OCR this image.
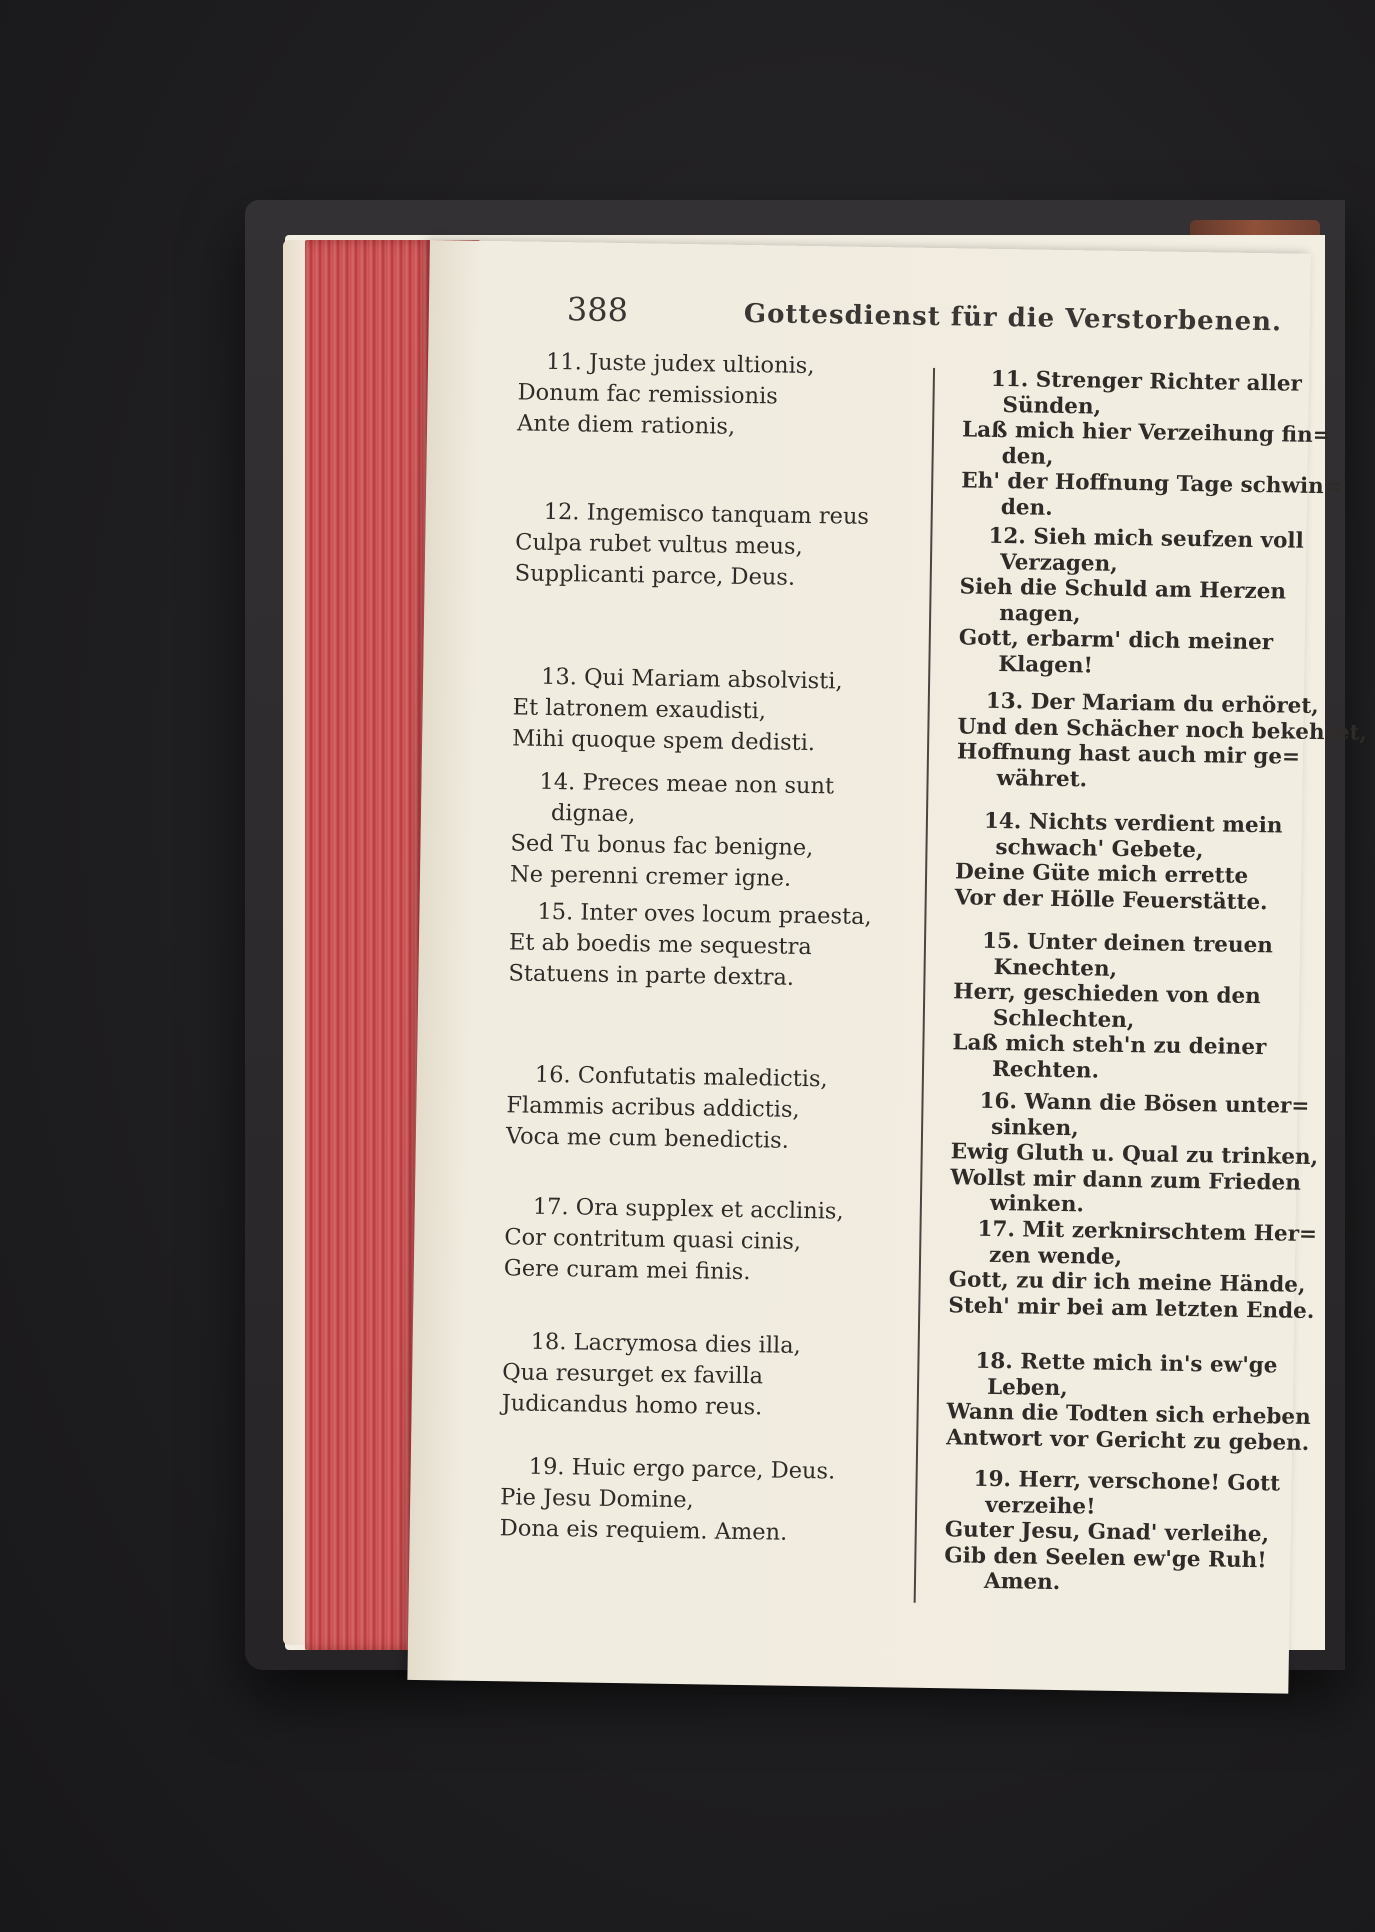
388	Gottesdienst für die Verstorbenen.
11. Juste judex ultionis,
Donum fac remissionis
Ante diem rationis,
12. Ingemisco tanquam reus
Culpa rubet vultus meus,
Supplicanti parce, Deus.
13. Qui Mariam absolvisti,
Et latronem exaudisti,
Mihi quoque spem dedisti.
14. Preces meae non sunt
dignae,
Sed Tu bonus fac benigne,
Ne perenni cremer igne.
15. Inter oves locum praesta,
Et ab boedis me sequestra
Statuens in parte dextra.
16. Confutatis maledictis,
Flammis acribus addictis,
Voca me cum benedictis.
17. Ora supplex et acclinis,
Cor contritum quasi cinis,
Gere curam mei finis.
18. Lacrymosa dies illa,
Qua resurget ex favilla
Judicandus homo reus.
19. Huic ergo parce, Deus.
Pie Jesu Domine,
Dona eis requiem. Amen.
11. Strenger Richter aller
Sünden,
Laß mich hier Verzeihung fin=
den,
Eh' der Hoffnung Tage schwin=
den.
12. Sieh mich seufzen voll
Verzagen,
Sieh die Schuld am Herzen
nagen,
Gott, erbarm' dich meiner
Klagen!
13. Der Mariam du erhöret,
Und den Schächer noch bekehret,
Hoffnung hast auch mir ge=
währet.
14. Nichts verdient mein
schwach' Gebete,
Deine Güte mich errette
Vor der Hölle Feuerstätte.
15. Unter deinen treuen
Knechten,
Herr, geschieden von den
Schlechten,
Laß mich steh'n zu deiner
Rechten.
16. Wann die Bösen unter=
sinken,
Ewig Gluth u. Qual zu trinken,
Wollst mir dann zum Frieden
winken.
17. Mit zerknirschtem Her=
zen wende,
Gott, zu dir ich meine Hände,
Steh' mir bei am letzten Ende.
18. Rette mich in's ew'ge
Leben,
Wann die Todten sich erheben
Antwort vor Gericht zu geben.
19. Herr, verschone! Gott
verzeihe!
Guter Jesu, Gnad' verleihe,
Gib den Seelen ew'ge Ruh!
Amen.
